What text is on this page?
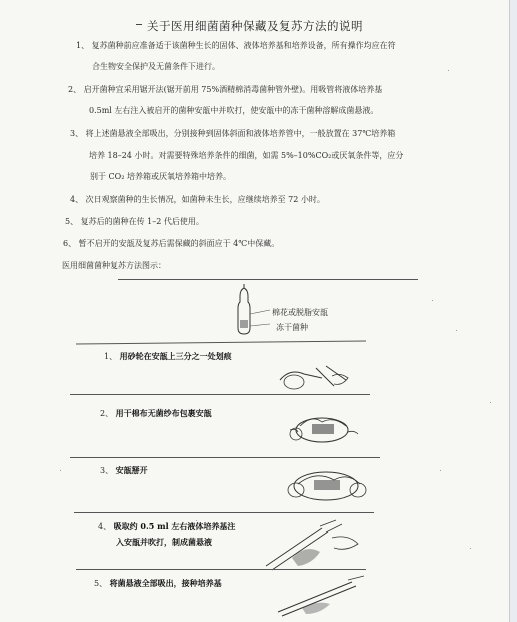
关于医用细菌菌种保藏及复苏方法的说明
1、 复苏菌种前应准备适于该菌种生长的固体、液体培养基和培养设备，所有操作均应在符
合生物安全保护及无菌条件下进行。
2、 启开菌种宜采用锯开法(锯开前用 75%酒精棉消毒菌种管外壁)。用吸管将液体培养基
0.5ml 左右注入被启开的菌种安瓿中并吹打，使安瓿中的冻干菌种溶解成菌悬液。
3、 将上述菌悬液全部吸出，分别接种到固体斜面和液体培养管中，一般放置在 37℃培养箱
培养 18–24 小时。对需要特殊培养条件的细菌，如需 5%–10%CO₂或厌氧条件等，应分
别于 CO₂ 培养箱或厌氧培养箱中培养。
4、 次日观察菌种的生长情况，如菌种未生长，应继续培养至 72 小时。
5、 复苏后的菌种在传 1–2 代后使用。
6、 暂不启开的安瓿及复苏后需保藏的斜面应于 4℃中保藏。
医用细菌菌种复苏方法图示：
棉花或脱脂安瓿
冻干菌种
1、 用砂轮在安瓿上三分之一处划痕
2、 用干棉布无菌纱布包裹安瓿
3、 安瓿掰开
4、 吸取约 0.5 ml 左右液体培养基注
入安瓿并吹打，制成菌悬液
5、 将菌悬液全部吸出，接种培养基
